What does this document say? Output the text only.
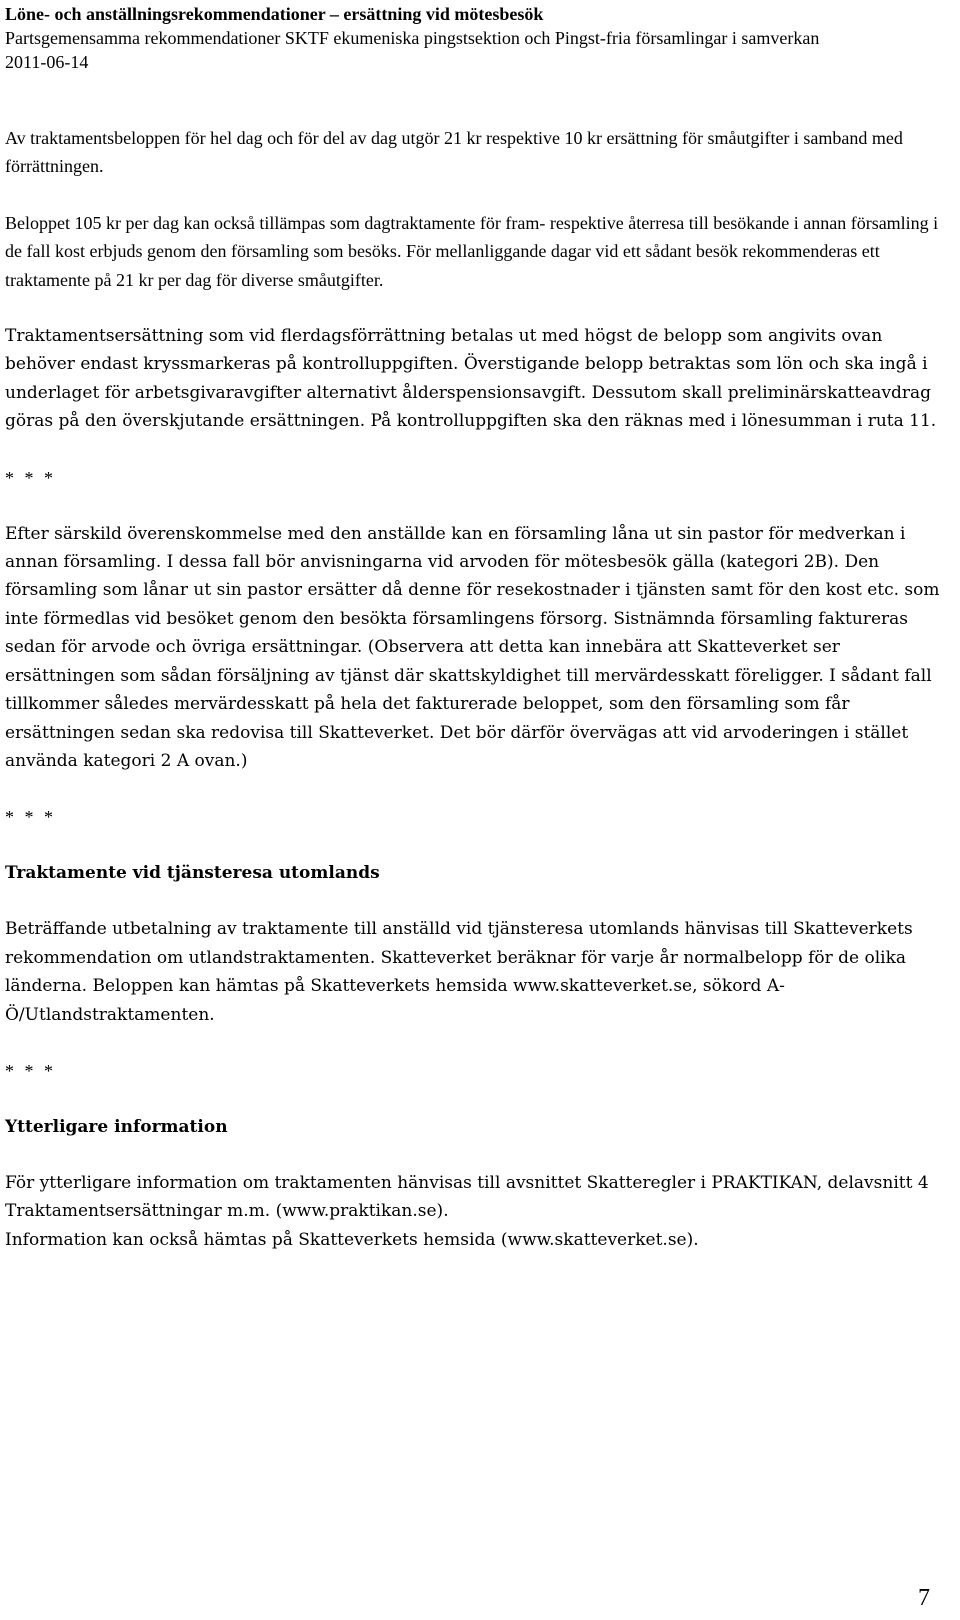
Löne- och anställningsrekommendationer – ersättning vid mötesbesök
Partsgemensamma rekommendationer SKTF ekumeniska pingstsektion och Pingst-fria församlingar i samverkan
2011-06-14

Av traktamentsbeloppen för hel dag och för del av dag utgör 21 kr respektive 10 kr ersättning för småutgifter i samband med förrättningen.

Beloppet 105 kr per dag kan också tillämpas som dagtraktamente för fram- respektive återresa till besökande i annan församling i de fall kost erbjuds genom den församling som besöks. För mellanliggande dagar vid ett sådant besök rekommenderas ett traktamente på 21 kr per dag för diverse småutgifter.

Traktamentsersättning som vid flerdagsförrättning betalas ut med högst de belopp som angivits ovan behöver endast kryssmarkeras på kontrolluppgiften. Överstigande belopp betraktas som lön och ska ingå i underlaget för arbetsgivaravgifter alternativt ålderspensionsavgift. Dessutom skall preliminärskatteavdrag göras på den överskjutande ersättningen. På kontrolluppgiften ska den räknas med i lönesumman i ruta 11.

* * *

Efter särskild överenskommelse med den anställde kan en församling låna ut sin pastor för medverkan i annan församling. I dessa fall bör anvisningarna vid arvoden för mötesbesök gälla (kategori 2B). Den församling som lånar ut sin pastor ersätter då denne för resekostnader i tjänsten samt för den kost etc. som inte förmedlas vid besöket genom den besökta församlingens försorg. Sistnämnda församling faktureras sedan för arvode och övriga ersättningar. (Observera att detta kan innebära att Skatteverket ser ersättningen som sådan försäljning av tjänst där skattskyldighet till mervärdesskatt föreligger. I sådant fall tillkommer således mervärdesskatt på hela det fakturerade beloppet, som den församling som får ersättningen sedan ska redovisa till Skatteverket. Det bör därför övervägas att vid arvoderingen i stället använda kategori 2 A ovan.)

* * *

Traktamente vid tjänsteresa utomlands

Beträffande utbetalning av traktamente till anställd vid tjänsteresa utomlands hänvisas till Skatteverkets rekommendation om utlandstraktamenten. Skatteverket beräknar för varje år normalbelopp för de olika länderna. Beloppen kan hämtas på Skatteverkets hemsida www.skatteverket.se, sökord A-Ö/Utlandstraktamenten.

* * *

Ytterligare information

För ytterligare information om traktamenten hänvisas till avsnittet Skatteregler i PRAKTIKAN, delavsnitt 4 Traktamentsersättningar m.m. (www.praktikan.se).

Information kan också hämtas på Skatteverkets hemsida (www.skatteverket.se).

7
